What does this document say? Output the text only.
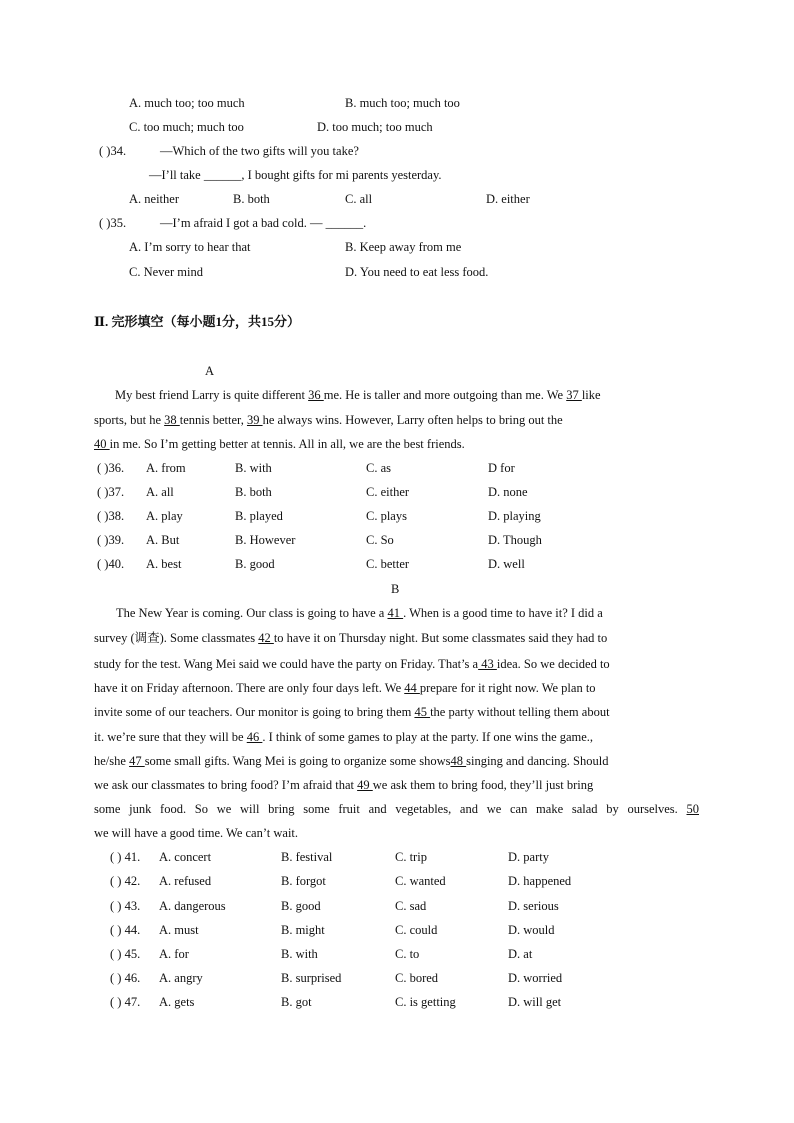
A. much too; too much	B. much too; much too
C. too much; much too	D. too much; too much
( )34.	—Which of the two gifts will you take?
—I’ll take ______, I bought gifts for mi parents yesterday.
A. neither	B. both	C. all	D. either
( )35.	—I’m afraid I got a bad cold. — ______.
A. I’m sorry to hear that	B. Keep away from me
C. Never mind	D. You need to eat less food.
Ⅱ. 完形填空（每小题1分，共15分）
A
My best friend Larry is quite different 36 me. He is taller and more outgoing than me. We 37 like
sports, but he 38 tennis better, 39 he always wins. However, Larry often helps to bring out the
40 in me. So I’m getting better at tennis. All in all, we are the best friends.
( )36. A. from	B. with	C. as	D for
( )37. A. all	B. both	C. either	D. none
( )38. A. play	B. played	C. plays	D. playing
( )39. A. But	B. However	C. So	D. Though
( )40. A. best	B. good	C. better	D. well
B
The New Year is coming. Our class is going to have a 41 . When is a good time to have it? I did a
survey (调查). Some classmates 42 to have it on Thursday night. But some classmates said they had to
study for the test. Wang Mei said we could have the party on Friday. That’s a 43 idea. So we decided to
have it on Friday afternoon. There are only four days left. We 44 prepare for it right now. We plan to
invite some of our teachers. Our monitor is going to bring them 45 the party without telling them about
it. we’re sure that they will be 46 . I think of some games to play at the party. If one wins the game.,
he/she 47 some small gifts. Wang Mei is going to organize some shows48 singing and dancing. Should
we ask our classmates to bring food? I’m afraid that 49 we ask them to bring food, they’ll just bring
some junk food. So we will bring some fruit and vegetables, and we can make salad by ourselves. 50
we will have a good time. We can’t wait.
( ) 41. A. concert	B. festival	C. trip	D. party
( ) 42. A. refused	B. forgot	C. wanted	D. happened
( ) 43. A. dangerous	B. good	C. sad	D. serious
( ) 44. A. must	B. might	C. could	D. would
( ) 45. A. for	B. with	C. to	D. at
( ) 46. A. angry	B. surprised	C. bored	D. worried
( ) 47. A. gets	B. got	C. is getting	D. will get
